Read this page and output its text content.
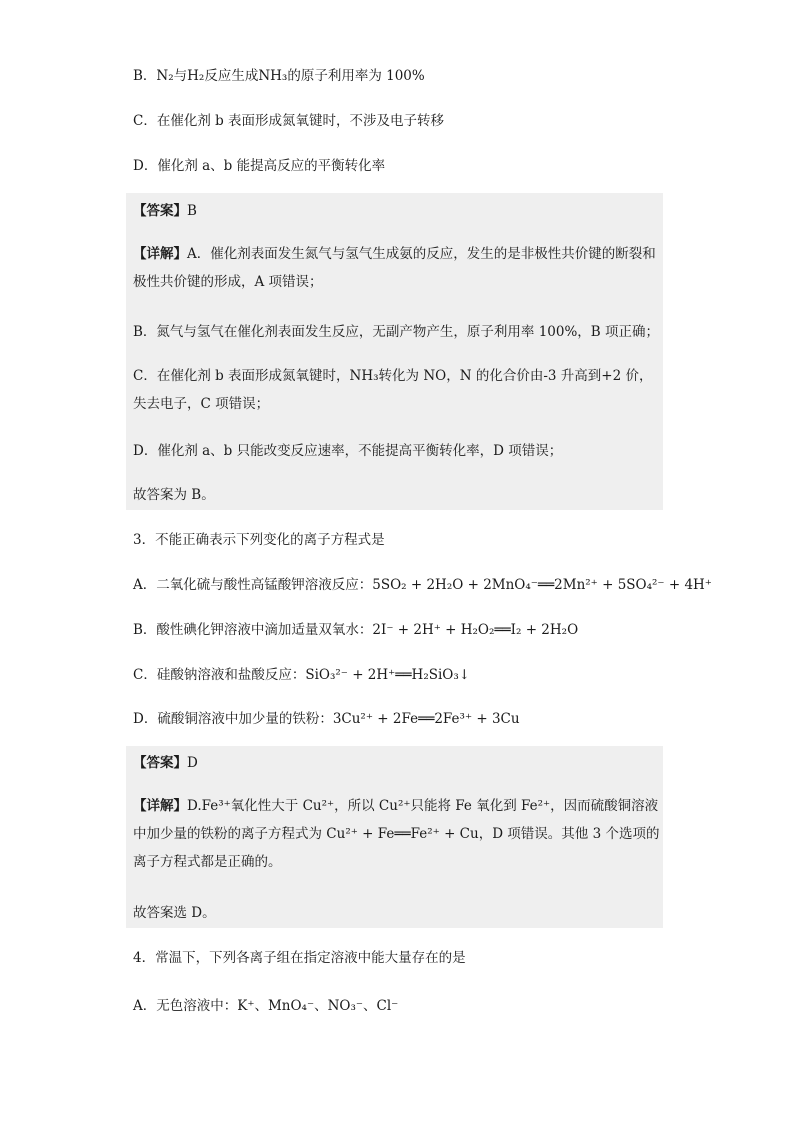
B．N₂与H₂反应生成NH₃的原子利用率为 100%
C．在催化剂 b 表面形成氮氧键时，不涉及电子转移
D．催化剂 a、b 能提高反应的平衡转化率
【答案】B
【详解】A．催化剂表面发生氮气与氢气生成氨的反应，发生的是非极性共价键的断裂和极性共价键的形成，A 项错误；
B．氮气与氢气在催化剂表面发生反应，无副产物产生，原子利用率 100%，B 项正确；
C．在催化剂 b 表面形成氮氧键时，NH₃转化为 NO，N 的化合价由-3 升高到+2 价，失去电子，C 项错误；
D．催化剂 a、b 只能改变反应速率，不能提高平衡转化率，D 项错误；
故答案为 B。
3．不能正确表示下列变化的离子方程式是
A．二氧化硫与酸性高锰酸钾溶液反应：5SO₂ + 2H₂O + 2MnO₄⁻══2Mn²⁺ + 5SO₄²⁻ + 4H⁺
B．酸性碘化钾溶液中滴加适量双氧水：2I⁻ + 2H⁺ + H₂O₂══I₂ + 2H₂O
C．硅酸钠溶液和盐酸反应：SiO₃²⁻ + 2H⁺══H₂SiO₃↓
D．硫酸铜溶液中加少量的铁粉：3Cu²⁺ + 2Fe══2Fe³⁺ + 3Cu
【答案】D
【详解】D.Fe³⁺氧化性大于 Cu²⁺，所以 Cu²⁺只能将 Fe 氧化到 Fe²⁺，因而硫酸铜溶液中加少量的铁粉的离子方程式为 Cu²⁺ + Fe══Fe²⁺ + Cu，D 项错误。其他 3 个选项的离子方程式都是正确的。
故答案选 D。
4．常温下，下列各离子组在指定溶液中能大量存在的是
A．无色溶液中：K⁺、MnO₄⁻、NO₃⁻、Cl⁻
